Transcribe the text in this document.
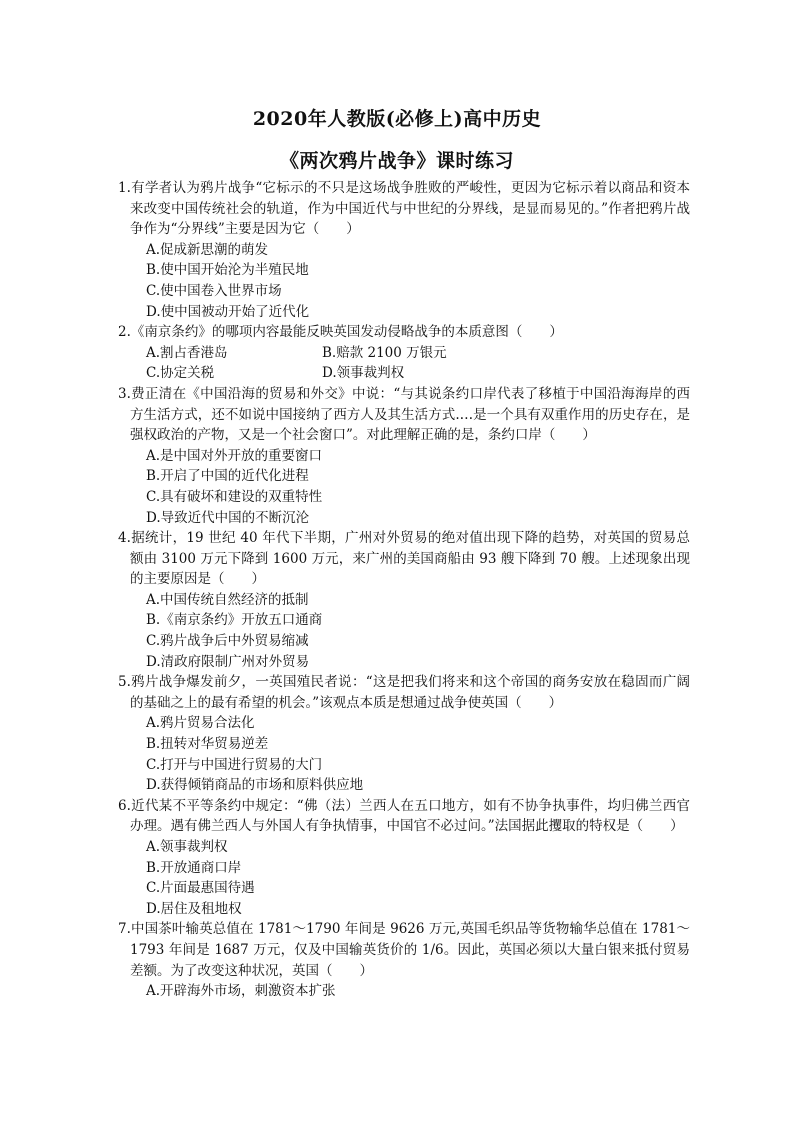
2020年人教版(必修上)高中历史
《两次鸦片战争》课时练习
1.有学者认为鸦片战争“它标示的不只是这场战争胜败的严峻性，更因为它标示着以商品和资本来改变中国传统社会的轨道，作为中国近代与中世纪的分界线，是显而易见的。”作者把鸦片战争作为“分界线”主要是因为它（　　）
A.促成新思潮的萌发
B.使中国开始沦为半殖民地
C.使中国卷入世界市场
D.使中国被动开始了近代化
2.《南京条约》的哪项内容最能反映英国发动侵略战争的本质意图（　　）
A.割占香港岛	B.赔款 2100 万银元
C.协定关税	D.领事裁判权
3.费正清在《中国沿海的贸易和外交》中说：“与其说条约口岸代表了移植于中国沿海海岸的西方生活方式，还不如说中国接纳了西方人及其生活方式.…是一个具有双重作用的历史存在，是强权政治的产物，又是一个社会窗口”。对此理解正确的是，条约口岸（　　）
A.是中国对外开放的重要窗口
B.开启了中国的近代化进程
C.具有破坏和建设的双重特性
D.导致近代中国的不断沉沦
4.据统计，19 世纪 40 年代下半期，广州对外贸易的绝对值出现下降的趋势，对英国的贸易总额由 3100 万元下降到 1600 万元，来广州的美国商船由 93 艘下降到 70 艘。上述现象出现的主要原因是（　　）
A.中国传统自然经济的抵制
B.《南京条约》开放五口通商
C.鸦片战争后中外贸易缩减
D.清政府限制广州对外贸易
5.鸦片战争爆发前夕，一英国殖民者说：“这是把我们将来和这个帝国的商务安放在稳固而广阔的基础之上的最有希望的机会。”该观点本质是想通过战争使英国（　　）
A.鸦片贸易合法化
B.扭转对华贸易逆差
C.打开与中国进行贸易的大门
D.获得倾销商品的市场和原料供应地
6.近代某不平等条约中规定：“佛（法）兰西人在五口地方，如有不协争执事件，均归佛兰西官办理。遇有佛兰西人与外国人有争执情事，中国官不必过问。”法国据此攫取的特权是（　　）
A.领事裁判权
B.开放通商口岸
C.片面最惠国待遇
D.居住及租地权
7.中国茶叶输英总值在 1781～1790 年间是 9626 万元,英国毛织品等货物输华总值在 1781～1793 年间是 1687 万元，仅及中国输英货价的 1/6。因此，英国必须以大量白银来抵付贸易差额。为了改变这种状况，英国（　　）
A.开辟海外市场，刺激资本扩张
